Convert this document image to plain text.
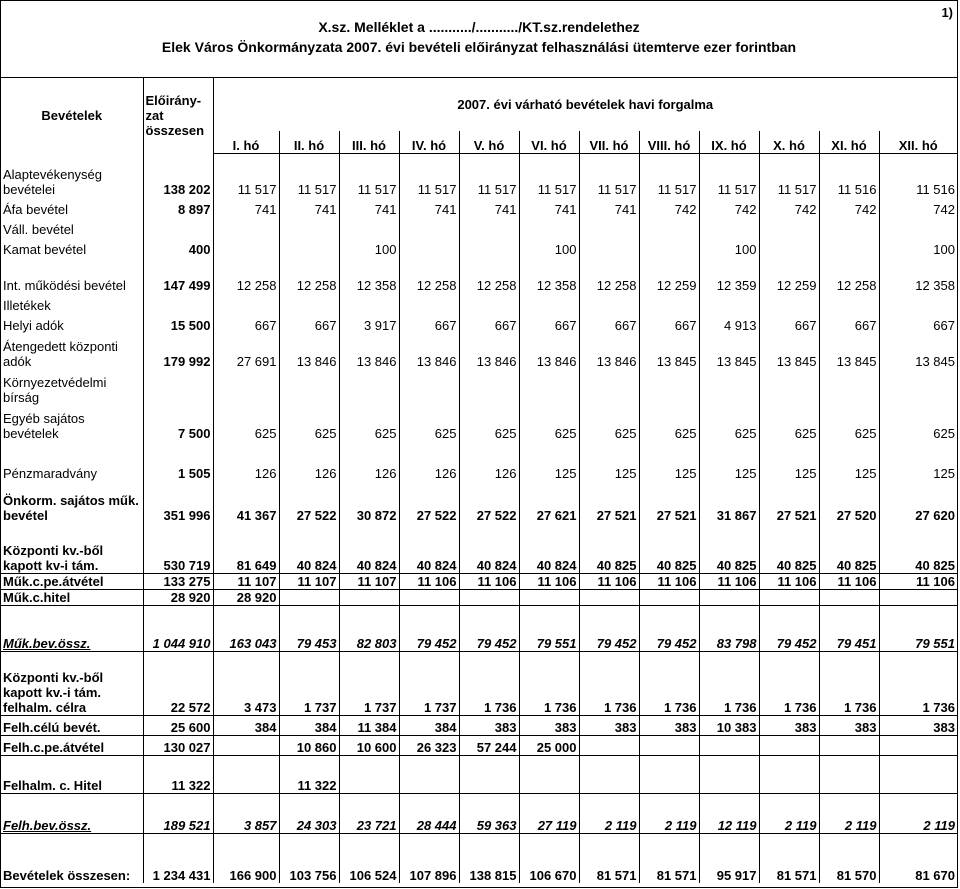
1)
X.sz. Melléklet a .........../.........../KT.sz.rendelethez
Elek Város Önkormányzata 2007. évi bevételi előirányzat felhasználási ütemterve ezer forintban
Bevételek	Előirány-zat összesen	2007. évi várható bevételek havi forgalma											
		I. hó	II. hó	III. hó	IV. hó	V. hó	VI. hó	VII. hó	VIII. hó	IX. hó	X. hó	XI. hó	XII. hó
Alaptevékenység bevételei	138 202	11 517	11 517	11 517	11 517	11 517	11 517	11 517	11 517	11 517	11 517	11 516	11 516
Áfa bevétel	8 897	741	741	741	741	741	741	741	742	742	742	742	742
Váll. bevétel													
Kamat bevétel	400			100			100			100			100
Int. működési bevétel	147 499	12 258	12 258	12 358	12 258	12 258	12 358	12 258	12 259	12 359	12 259	12 258	12 358
Illetékek													
Helyi adók	15 500	667	667	3 917	667	667	667	667	667	4 913	667	667	667
Átengedett központi adók	179 992	27 691	13 846	13 846	13 846	13 846	13 846	13 846	13 845	13 845	13 845	13 845	13 845
Környezetvédelmi bírság													
Egyéb sajátos bevételek	7 500	625	625	625	625	625	625	625	625	625	625	625	625
Pénzmaradvány	1 505	126	126	126	126	126	125	125	125	125	125	125	125
Önkorm. sajátos műk. bevétel	351 996	41 367	27 522	30 872	27 522	27 522	27 621	27 521	27 521	31 867	27 521	27 520	27 620
Központi kv.-ből kapott kv-i tám.	530 719	81 649	40 824	40 824	40 824	40 824	40 824	40 825	40 825	40 825	40 825	40 825	40 825
Műk.c.pe.átvétel	133 275	11 107	11 107	11 107	11 106	11 106	11 106	11 106	11 106	11 106	11 106	11 106	11 106
Műk.c.hitel	28 920	28 920											
Műk.bev.össz.	1 044 910	163 043	79 453	82 803	79 452	79 452	79 551	79 452	79 452	83 798	79 452	79 451	79 551
Központi kv.-ből kapott kv.-i tám. felhalm. célra	22 572	3 473	1 737	1 737	1 737	1 736	1 736	1 736	1 736	1 736	1 736	1 736	1 736
Felh.célú bevét.	25 600	384	384	11 384	384	383	383	383	383	10 383	383	383	383
Felh.c.pe.átvétel	130 027		10 860	10 600	26 323	57 244	25 000						
Felhalm. c. Hitel	11 322		11 322										
Felh.bev.össz.	189 521	3 857	24 303	23 721	28 444	59 363	27 119	2 119	2 119	12 119	2 119	2 119	2 119
Bevételek összesen:	1 234 431	166 900	103 756	106 524	107 896	138 815	106 670	81 571	81 571	95 917	81 571	81 570	81 670
